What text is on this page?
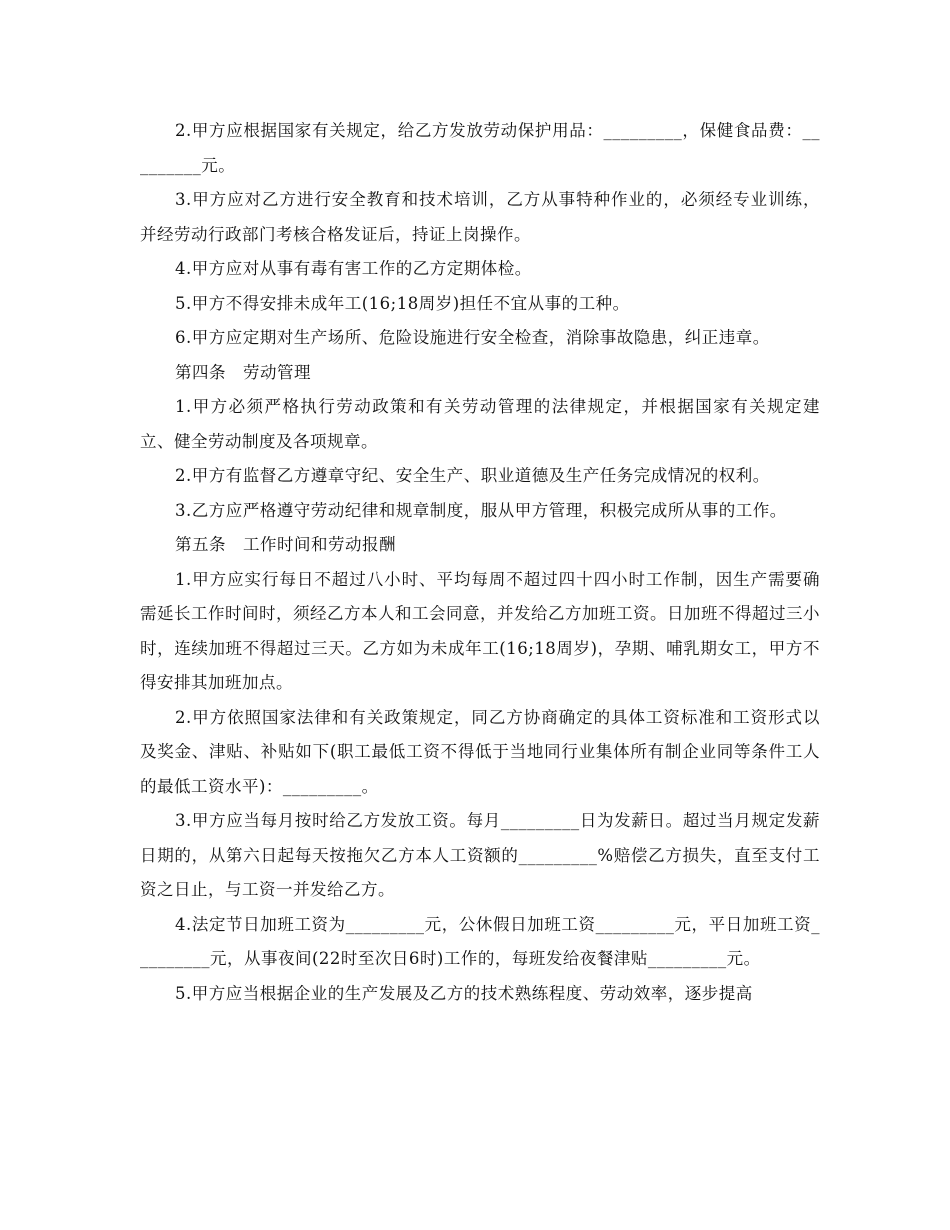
2.甲方应根据国家有关规定，给乙方发放劳动保护用品：_________，保健食品费：_________元。

3.甲方应对乙方进行安全教育和技术培训，乙方从事特种作业的，必须经专业训练，并经劳动行政部门考核合格发证后，持证上岗操作。

4.甲方应对从事有毒有害工作的乙方定期体检。

5.甲方不得安排未成年工(16;18周岁)担任不宜从事的工种。

6.甲方应定期对生产场所、危险设施进行安全检查，消除事故隐患，纠正违章。

第四条　劳动管理

1.甲方必须严格执行劳动政策和有关劳动管理的法律规定，并根据国家有关规定建立、健全劳动制度及各项规章。

2.甲方有监督乙方遵章守纪、安全生产、职业道德及生产任务完成情况的权利。

3.乙方应严格遵守劳动纪律和规章制度，服从甲方管理，积极完成所从事的工作。

第五条　工作时间和劳动报酬

1.甲方应实行每日不超过八小时、平均每周不超过四十四小时工作制，因生产需要确需延长工作时间时，须经乙方本人和工会同意，并发给乙方加班工资。日加班不得超过三小时，连续加班不得超过三天。乙方如为未成年工(16;18周岁)，孕期、哺乳期女工，甲方不得安排其加班加点。

2.甲方依照国家法律和有关政策规定，同乙方协商确定的具体工资标准和工资形式以及奖金、津贴、补贴如下(职工最低工资不得低于当地同行业集体所有制企业同等条件工人的最低工资水平)：_________。

3.甲方应当每月按时给乙方发放工资。每月_________日为发薪日。超过当月规定发薪日期的，从第六日起每天按拖欠乙方本人工资额的_________%赔偿乙方损失，直至支付工资之日止，与工资一并发给乙方。

4.法定节日加班工资为_________元，公休假日加班工资_________元，平日加班工资_________元，从事夜间(22时至次日6时)工作的，每班发给夜餐津贴_________元。

5.甲方应当根据企业的生产发展及乙方的技术熟练程度、劳动效率，逐步提高
